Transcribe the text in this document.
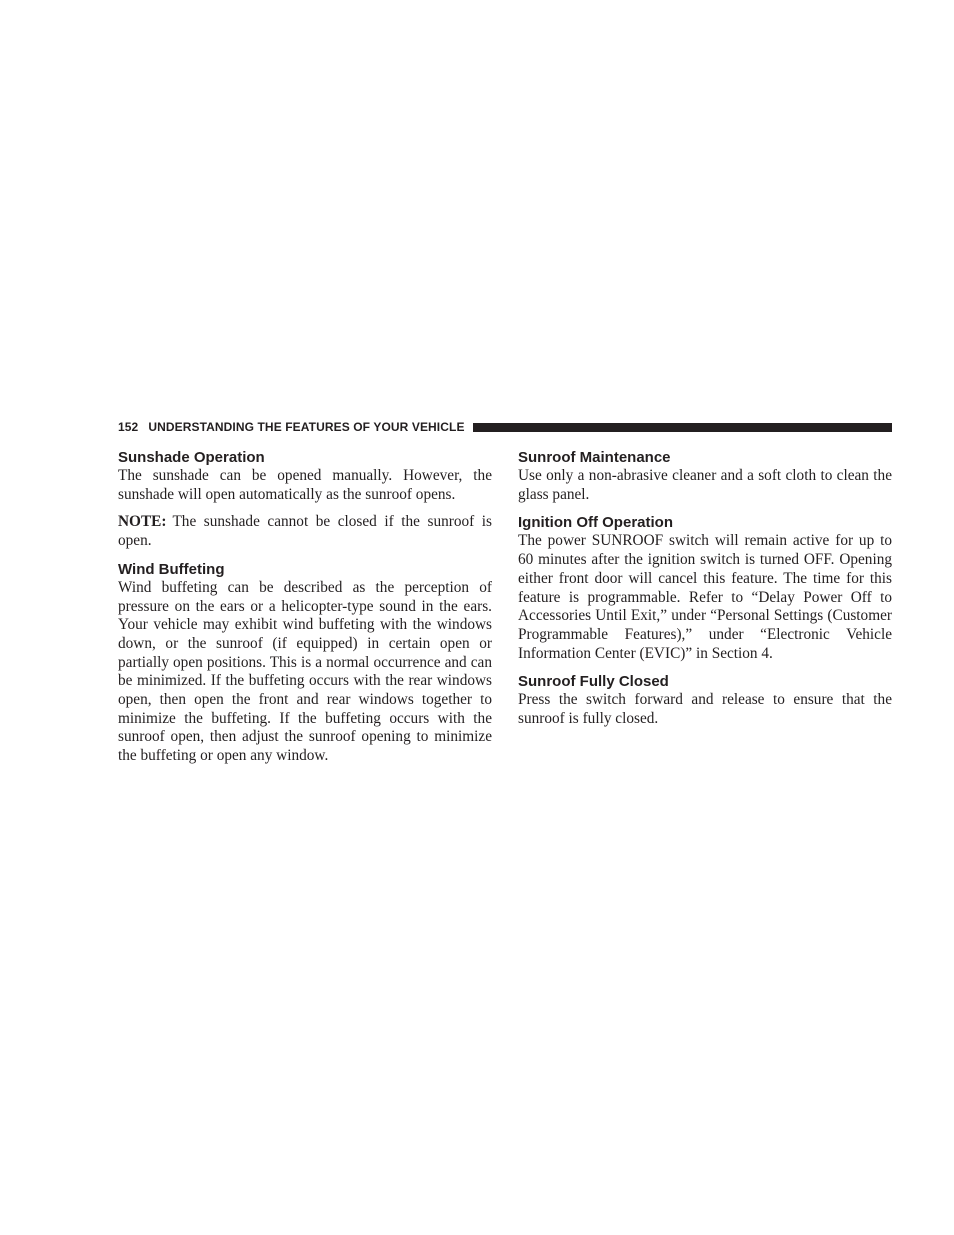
152 UNDERSTANDING THE FEATURES OF YOUR VEHICLE
Sunshade Operation

The sunshade can be opened manually. However, the sunshade will open automatically as the sunroof opens.

NOTE: The sunshade cannot be closed if the sunroof is open.

Wind Buffeting

Wind buffeting can be described as the perception of pressure on the ears or a helicopter-type sound in the ears. Your vehicle may exhibit wind buffeting with the windows down, or the sunroof (if equipped) in certain open or partially open positions. This is a normal occurrence and can be minimized. If the buffeting occurs with the rear windows open, then open the front and rear windows together to minimize the buffeting. If the buffeting occurs with the sunroof open, then adjust the sunroof opening to minimize the buffeting or open any window.

Sunroof Maintenance

Use only a non-abrasive cleaner and a soft cloth to clean the glass panel.

Ignition Off Operation

The power SUNROOF switch will remain active for up to 60 minutes after the ignition switch is turned OFF. Opening either front door will cancel this feature. The time for this feature is programmable. Refer to “Delay Power Off to Accessories Until Exit,” under “Personal Settings (Customer Programmable Features),” under “Electronic Vehicle Information Center (EVIC)” in Section 4.

Sunroof Fully Closed

Press the switch forward and release to ensure that the sunroof is fully closed.
